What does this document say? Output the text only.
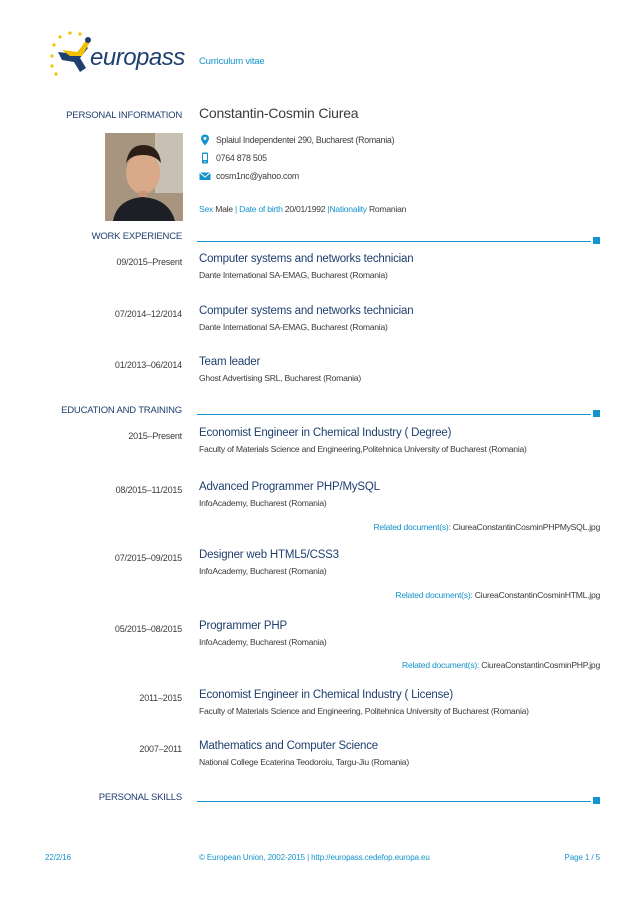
europass Curriculum vitae
PERSONAL INFORMATION Constantin-Cosmin Ciurea
Splaiul Independentei 290, Bucharest (Romania)
0764 878 505
cosm1nc@yahoo.com
Sex Male | Date of birth 20/01/1992 |Nationality Romanian
WORK EXPERIENCE
09/2015–Present Computer systems and networks technician
Dante International SA-EMAG, Bucharest (Romania)
07/2014–12/2014 Computer systems and networks technician
Dante International SA-EMAG, Bucharest (Romania)
01/2013–06/2014 Team leader
Ghost Advertising SRL, Bucharest (Romania)
EDUCATION AND TRAINING
2015–Present Economist Engineer in Chemical Industry ( Degree)
Faculty of Materials Science and Engineering,Politehnica University of Bucharest (Romania)
08/2015–11/2015 Advanced Programmer PHP/MySQL
InfoAcademy, Bucharest (Romania)
Related document(s): CiureaConstantinCosminPHPMySQL.jpg
07/2015–09/2015 Designer web HTML5/CSS3
InfoAcademy, Bucharest (Romania)
Related document(s): CiureaConstantinCosminHTML.jpg
05/2015–08/2015 Programmer PHP
InfoAcademy, Bucharest (Romania)
Related document(s): CiureaConstantinCosminPHP.jpg
2011–2015 Economist Engineer in Chemical Industry ( License)
Faculty of Materials Science and Engineering, Politehnica University of Bucharest (Romania)
2007–2011 Mathematics and Computer Science
National College Ecaterina Teodoroiu, Targu-Jiu (Romania)
PERSONAL SKILLS
22/2/16	© European Union, 2002-2015 | http://europass.cedefop.europa.eu	Page 1 / 5
